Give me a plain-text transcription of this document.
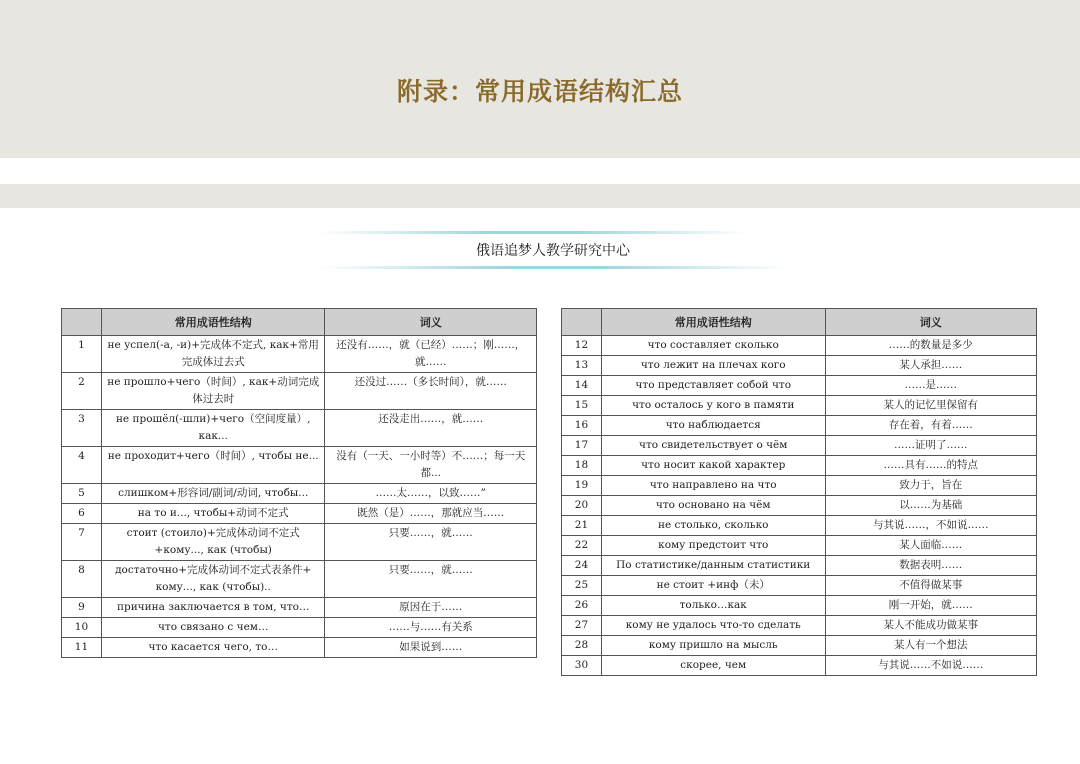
附录：常用成语结构汇总
俄语追梦人教学研究中心
	常用成语性结构	词义
1	не успел(-а, -и)+完成体不定式, как+常用完成体过去式	还没有……，就（已经）……；刚……，就……
2	не прошло+чего（时间）, как+动词完成体过去时	还没过……（多长时间），就……
3	не прошёл(-шли)+чего（空间度量）, как...	还没走出……，就……
4	не проходит+чего（时间）, чтобы не...	没有（一天、一小时等）不……；每一天都...
5	слишком+形容词/副词/动词, чтобы...	……太……，以致……”
6	на то и..., чтобы+动词不定式	既然（是）……，那就应当……
7	стоит (стоило)+完成体动词不定式+кому..., как (чтобы)	只要……，就……
8	достаточно+完成体动词不定式表条件+ кому..., как (чтобы)..	只要……，就……
9	причина заключается в том, что…	原因在于……
10	что связано с чем…	……与……有关系
11	что касается чего, то…	如果说到……
	常用成语性结构	词义
12	что составляет сколько	……的数量是多少
13	что лежит на плечах кого	某人承担……
14	что представляет собой что	……是……
15	что осталось у кого в памяти	某人的记忆里保留有
16	что наблюдается	存在着，有着……
17	что свидетельствует о чём	……证明了……
18	что носит какой характер	……具有……的特点
19	что направлено на что	致力于，旨在
20	что основано на чём	以……为基础
21	не столько, сколько	与其说……，不如说……
22	кому предстоит что	某人面临……
24	По статистике/данным статистики	数据表明……
25	не стоит +инф（未）	不值得做某事
26	только…как	刚一开始，就……
27	кому не удалось что-то сделать	某人不能成功做某事
28	кому пришло на мысль	某人有一个想法
30	скорее, чем	与其说……不如说……
